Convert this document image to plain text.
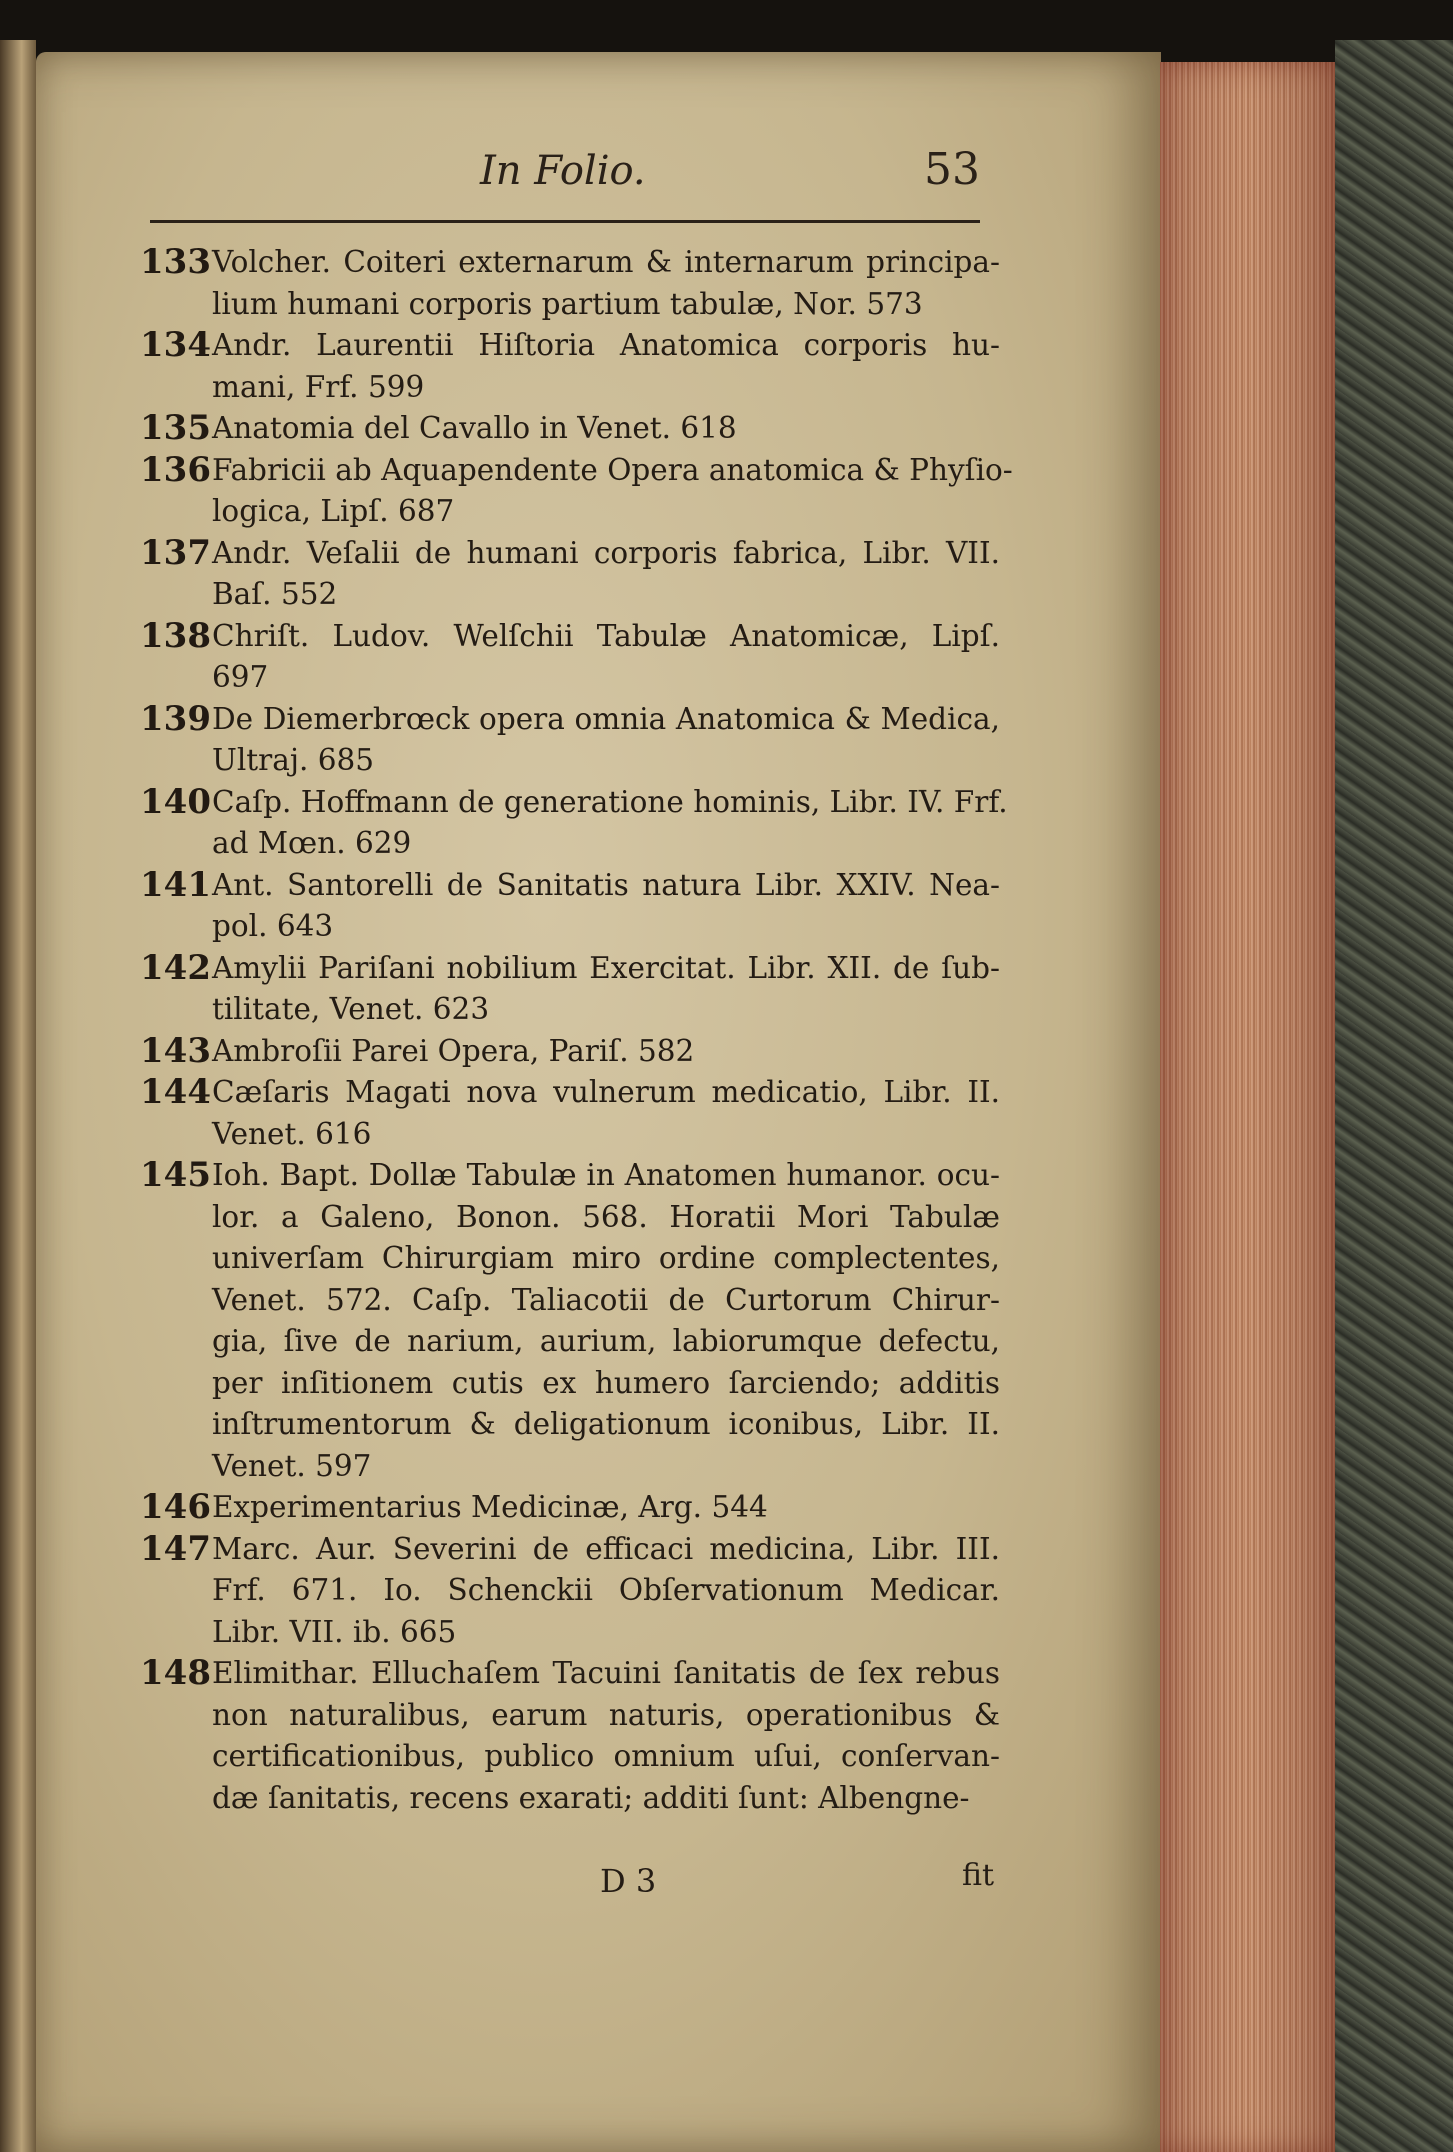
In Folio.	53
133 Volcher. Coiteri externarum & internarum principa-
lium humani corporis partium tabulæ, Nor. 573
134 Andr. Laurentii Hiſtoria Anatomica corporis hu-
mani, Frf. 599
135 Anatomia del Cavallo in Venet. 618
136 Fabricii ab Aquapendente Opera anatomica & Phyſio-
logica, Lipſ. 687
137 Andr. Veſalii de humani corporis fabrica, Libr. VII.
Baſ. 552
138 Chriſt. Ludov. Welſchii Tabulæ Anatomicæ, Lipſ.
697
139 De Diemerbrœck opera omnia Anatomica & Medica,
Ultraj. 685
140 Caſp. Hoffmann de generatione hominis, Libr. IV. Frf.
ad Mœn. 629
141 Ant. Santorelli de Sanitatis natura Libr. XXIV. Nea-
pol. 643
142 Amylii Pariſani nobilium Exercitat. Libr. XII. de ſub-
tilitate, Venet. 623
143 Ambroſii Parei Opera, Pariſ. 582
144 Cæſaris Magati nova vulnerum medicatio, Libr. II.
Venet. 616
145 Ioh. Bapt. Dollæ Tabulæ in Anatomen humanor. ocu-
lor. a Galeno, Bonon. 568. Horatii Mori Tabulæ
univerſam Chirurgiam miro ordine complectentes,
Venet. 572. Caſp. Taliacotii de Curtorum Chirur-
gia, ſive de narium, aurium, labiorumque defectu,
per inſitionem cutis ex humero ſarciendo; additis
inſtrumentorum & deligationum iconibus, Libr. II.
Venet. 597
146 Experimentarius Medicinæ, Arg. 544
147 Marc. Aur. Severini de efficaci medicina, Libr. III.
Frf. 671. Io. Schenckii Obſervationum Medicar.
Libr. VII. ib. 665
148 Elimithar. Elluchaſem Tacuini ſanitatis de ſex rebus
non naturalibus, earum naturis, operationibus &
certificationibus, publico omnium uſui, conſervan-
dæ ſanitatis, recens exarati; additi ſunt: Albengne-
D 3	fit
